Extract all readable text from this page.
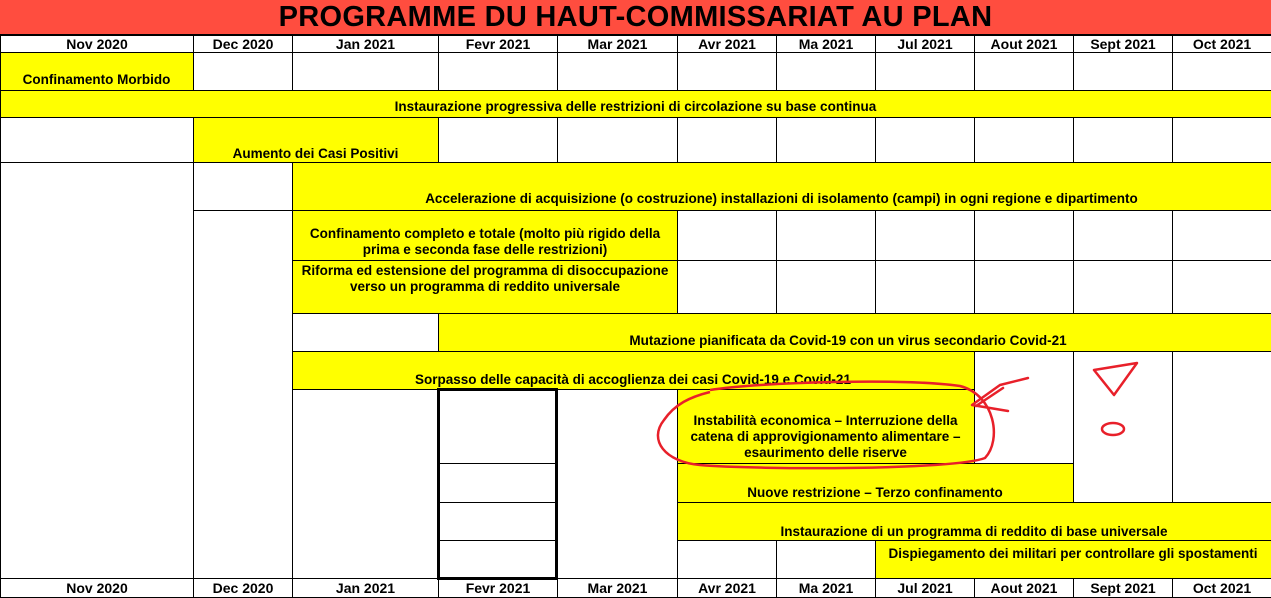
PROGRAMME DU HAUT-COMMISSARIAT AU PLAN
Nov 2020
Nov 2020
Dec 2020
Dec 2020
Jan 2021
Jan 2021
Fevr 2021
Fevr 2021
Mar 2021
Mar 2021
Avr 2021
Avr 2021
Ma 2021
Ma 2021
Jul 2021
Jul 2021
Aout 2021
Aout 2021
Sept 2021
Sept 2021
Oct 2021
Oct 2021
Confinamento Morbido
Instaurazione progressiva delle restrizioni di circolazione su base continua
Aumento dei Casi Positivi
Accelerazione di acquisizione (o costruzione) installazioni di isolamento (campi) in ogni regione e dipartimento
Confinamento completo e totale (molto più rigido della prima e seconda fase delle restrizioni)
Riforma ed estensione del programma di disoccupazione verso un programma di reddito universale
Mutazione pianificata da Covid-19 con un virus secondario Covid-21
Sorpasso delle capacità di accoglienza dei casi Covid-19 e Covid-21
Instabilità economica – Interruzione della catena di approvigionamento alimentare – esaurimento delle riserve
Nuove restrizione – Terzo confinamento
Instaurazione di un programma di reddito di base universale
Dispiegamento dei militari per controllare gli spostamenti
